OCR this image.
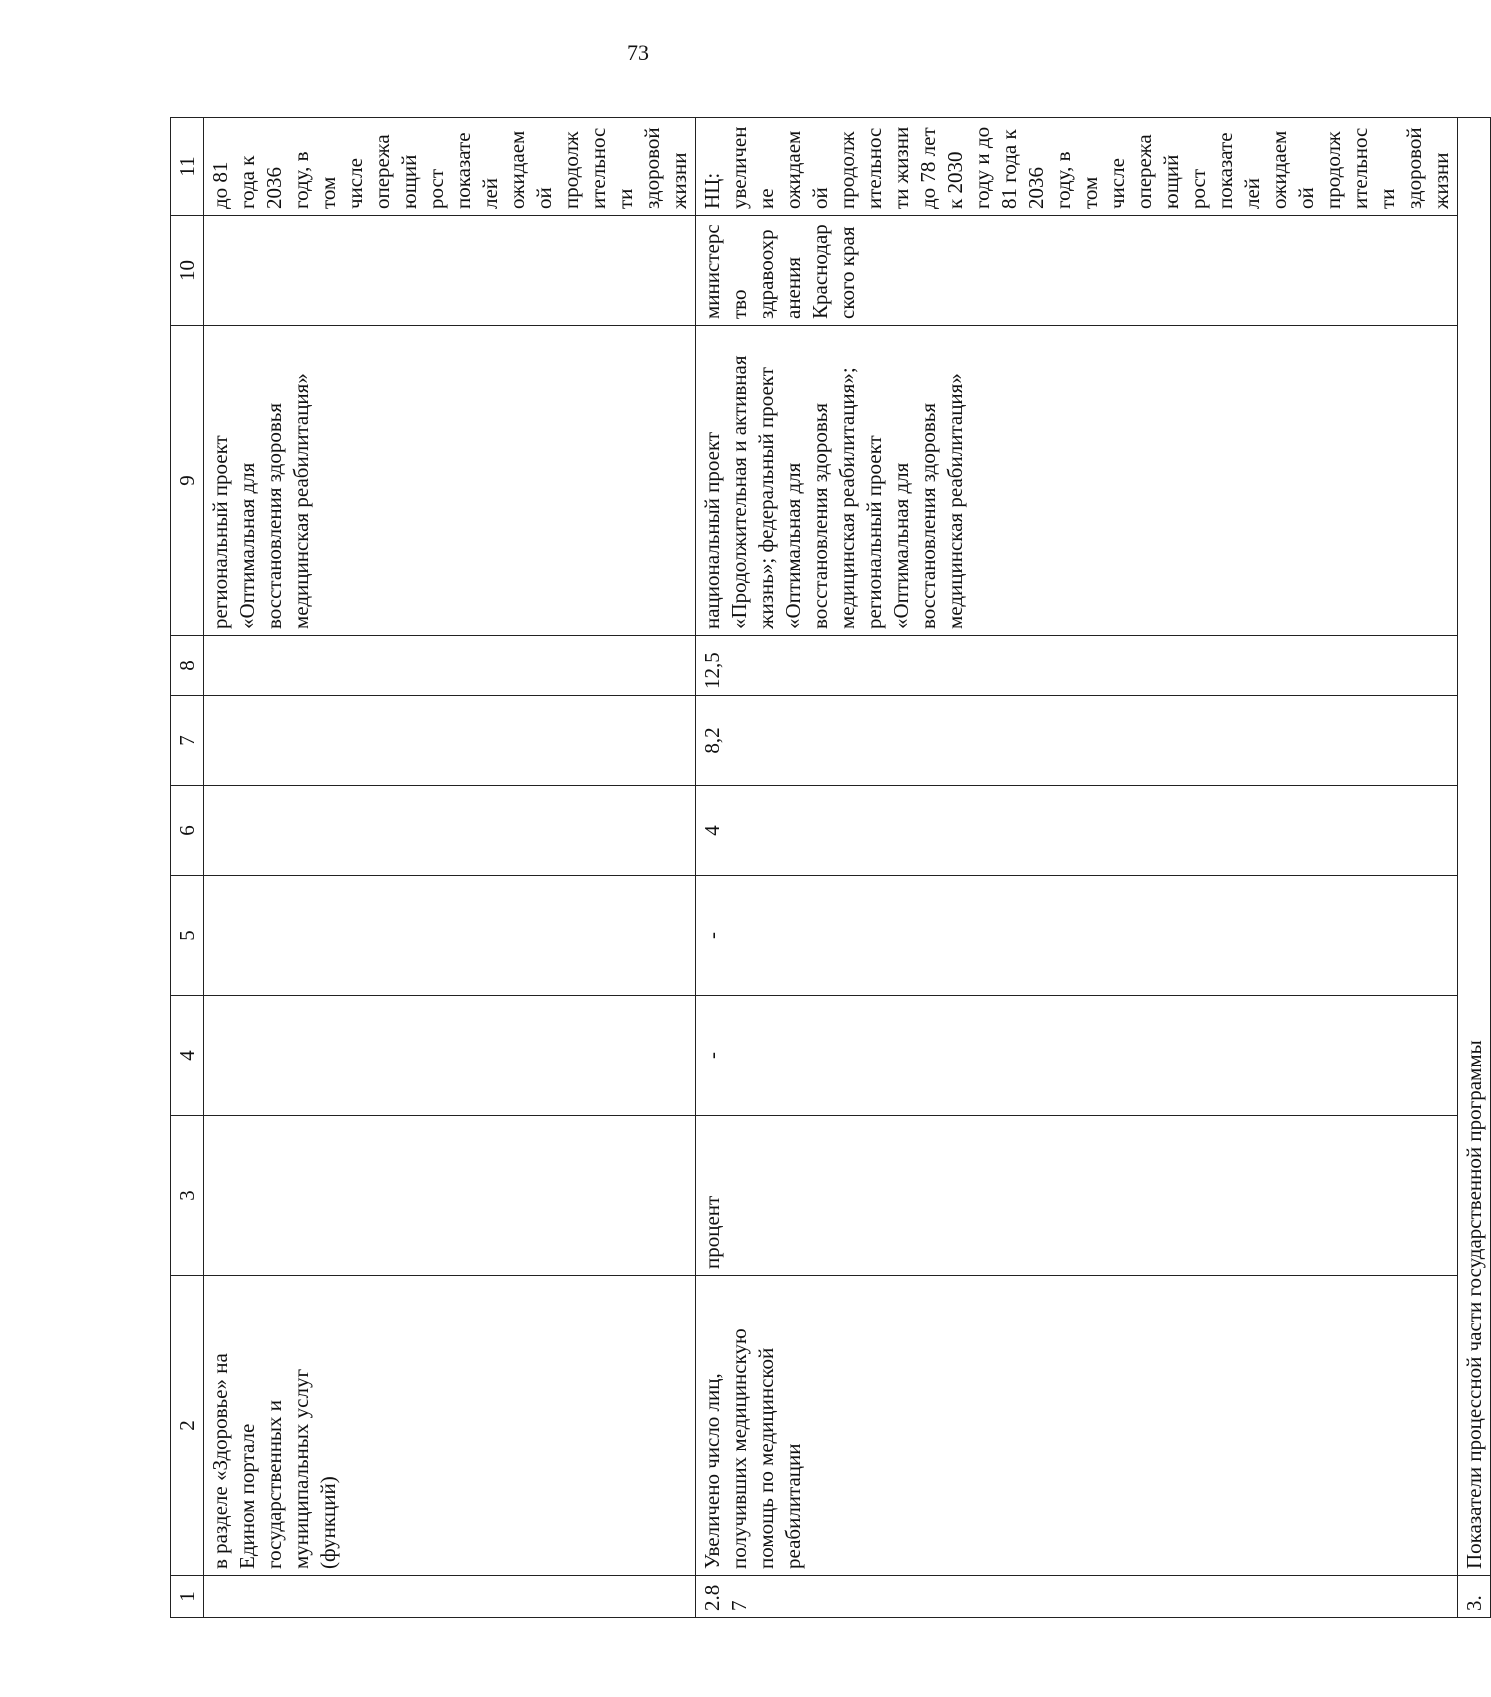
73
1	2	3	4	5	6	7	8	9	10	11
	в разделе «Здоровье» на Едином портале государственных и муниципальных услуг (функций)							региональный проект «Оптимальная для восстановления здоровья медицинская реабилитация»		до 81 года к 2036 году, в том числе опережающий рост показателей ожидаемой продолжительности здоровой жизни
2.87	Увеличено число лиц, получивших медицинскую помощь по медицинской реабилитации	процент	-	-	4	8,2	12,5	национальный проект «Продолжительная и активная жизнь»; федеральный проект «Оптимальная для восстановления здоровья медицинская реабилитация»; региональный проект «Оптимальная для восстановления здоровья медицинская реабилитация»	министерство здравоохранения Краснодарского края	НЦ: увеличение ожидаемой продолжительности жизни до 78 лет к 2030 году и до 81 года к 2036 году, в том числе опережающий рост показателей ожидаемой продолжительности здоровой жизни
3.	Показатели процессной части государственной программы									
